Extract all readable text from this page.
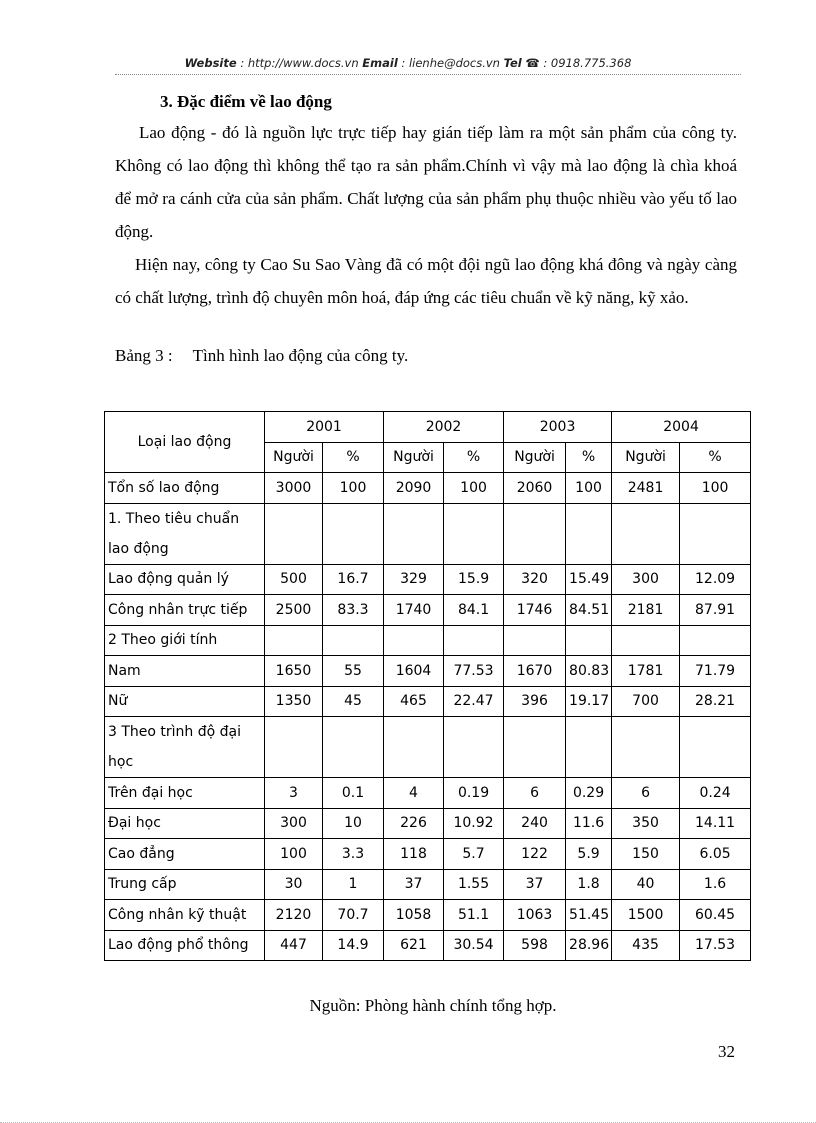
Website : http://www.docs.vn Email : lienhe@docs.vn Tel ☎ : 0918.775.368
3. Đặc điểm về lao động

Lao động - đó là nguồn lực trực tiếp hay gián tiếp làm ra một sản phẩm của công ty. Không có lao động thì không thể tạo ra sản phẩm.Chính vì vậy mà lao động là chìa khoá để mở ra cánh cửa của sản phẩm. Chất lượng của sản phẩm phụ thuộc nhiều vào yếu tố lao động.

Hiện nay, công ty Cao Su Sao Vàng đã có một đội ngũ lao động khá đông và ngày càng có chất lượng, trình độ chuyên môn hoá, đáp ứng các tiêu chuẩn về kỹ năng, kỹ xảo.

Bảng 3 : Tình hình lao động của công ty.
Loại lao động	2001		2002		2003		2004	
	Người	%	Người	%	Người	%	Người	%
Tổn số lao động	3000	100	2090	100	2060	100	2481	100
1. Theo tiêu chuẩn lao động								
Lao động quản lý	500	16.7	329	15.9	320	15.49	300	12.09
Công nhân trực tiếp	2500	83.3	1740	84.1	1746	84.51	2181	87.91
2 Theo giới tính								
Nam	1650	55	1604	77.53	1670	80.83	1781	71.79
Nữ	1350	45	465	22.47	396	19.17	700	28.21
3 Theo trình độ đại học								
Trên đại học	3	0.1	4	0.19	6	0.29	6	0.24
Đại học	300	10	226	10.92	240	11.6	350	14.11
Cao đẳng	100	3.3	118	5.7	122	5.9	150	6.05
Trung cấp	30	1	37	1.55	37	1.8	40	1.6
Công nhân kỹ thuật	2120	70.7	1058	51.1	1063	51.45	1500	60.45
Lao động phổ thông	447	14.9	621	30.54	598	28.96	435	17.53
Nguồn: Phòng hành chính tổng hợp.
32
